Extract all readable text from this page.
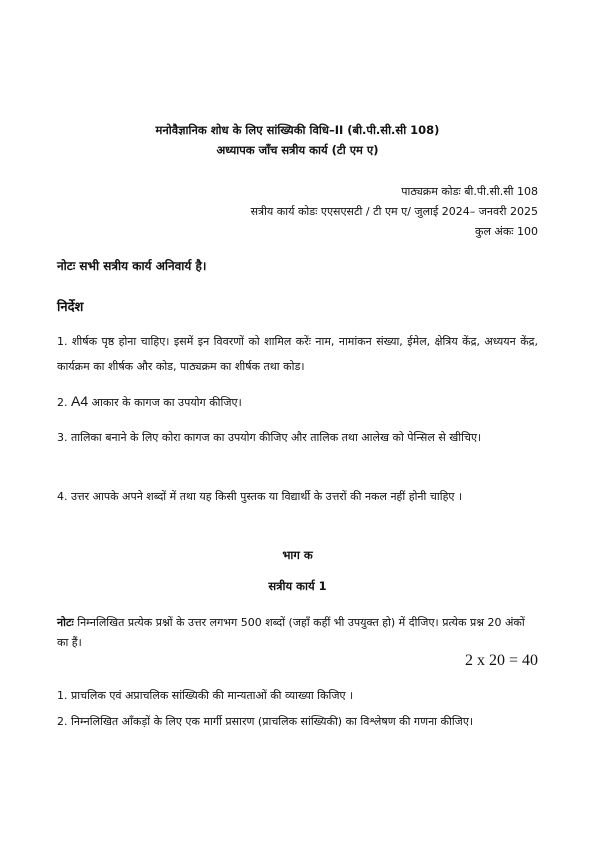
मनोवैज्ञानिक शोध के लिए सांख्यिकी विधि–II (बी.पी.सी.सी 108)
अध्यापक जाँच सत्रीय कार्य (टी एम ए)
पाठ्यक्रम कोडः बी.पी.सी.सी 108
सत्रीय कार्य कोडः एएसएसटी / टी एम ए/ जुलाई 2024– जनवरी 2025
कुल अंकः 100
नोटः सभी सत्रीय कार्य अनिवार्य है।
निर्देश
1. शीर्षक पृष्ठ होना चाहिए। इसमें इन विवरणों को शामिल करेंः नाम, नामांकन संख्या, ईमेल, क्षेत्रिय केंद्र, अध्ययन केंद्र, कार्यक्रम का शीर्षक और कोड, पाठ्यक्रम का शीर्षक तथा कोड।
2. A4 आकार के कागज का उपयोग कीजिए।
3. तालिका बनाने के लिए कोरा कागज का उपयोग कीजिए और तालिक तथा आलेख को पेन्सिल से खीचिए।
4. उत्तर आपके अपने शब्दों में तथा यह किसी पुस्तक या विद्यार्थी के उत्तरों की नकल नहीं होनी चाहिए ।
भाग क
सत्रीय कार्य 1
नोटः निम्नलिखित प्रत्येक प्रश्नों के उत्तर लगभग 500 शब्दों (जहाँ कहीं भी उपयुक्त हो) में दीजिए। प्रत्येक प्रश्न 20 अंकों का हैं।
2 x 20 = 40
1. प्राचलिक एवं अप्राचलिक सांख्यिकी की मान्यताओं की व्याख्या किजिए ।
2. निम्नलिखित आँकड़ों के लिए एक मार्गी प्रसारण (प्राचलिक सांख्यिकी) का विश्लेषण की गणना कीजिए।
